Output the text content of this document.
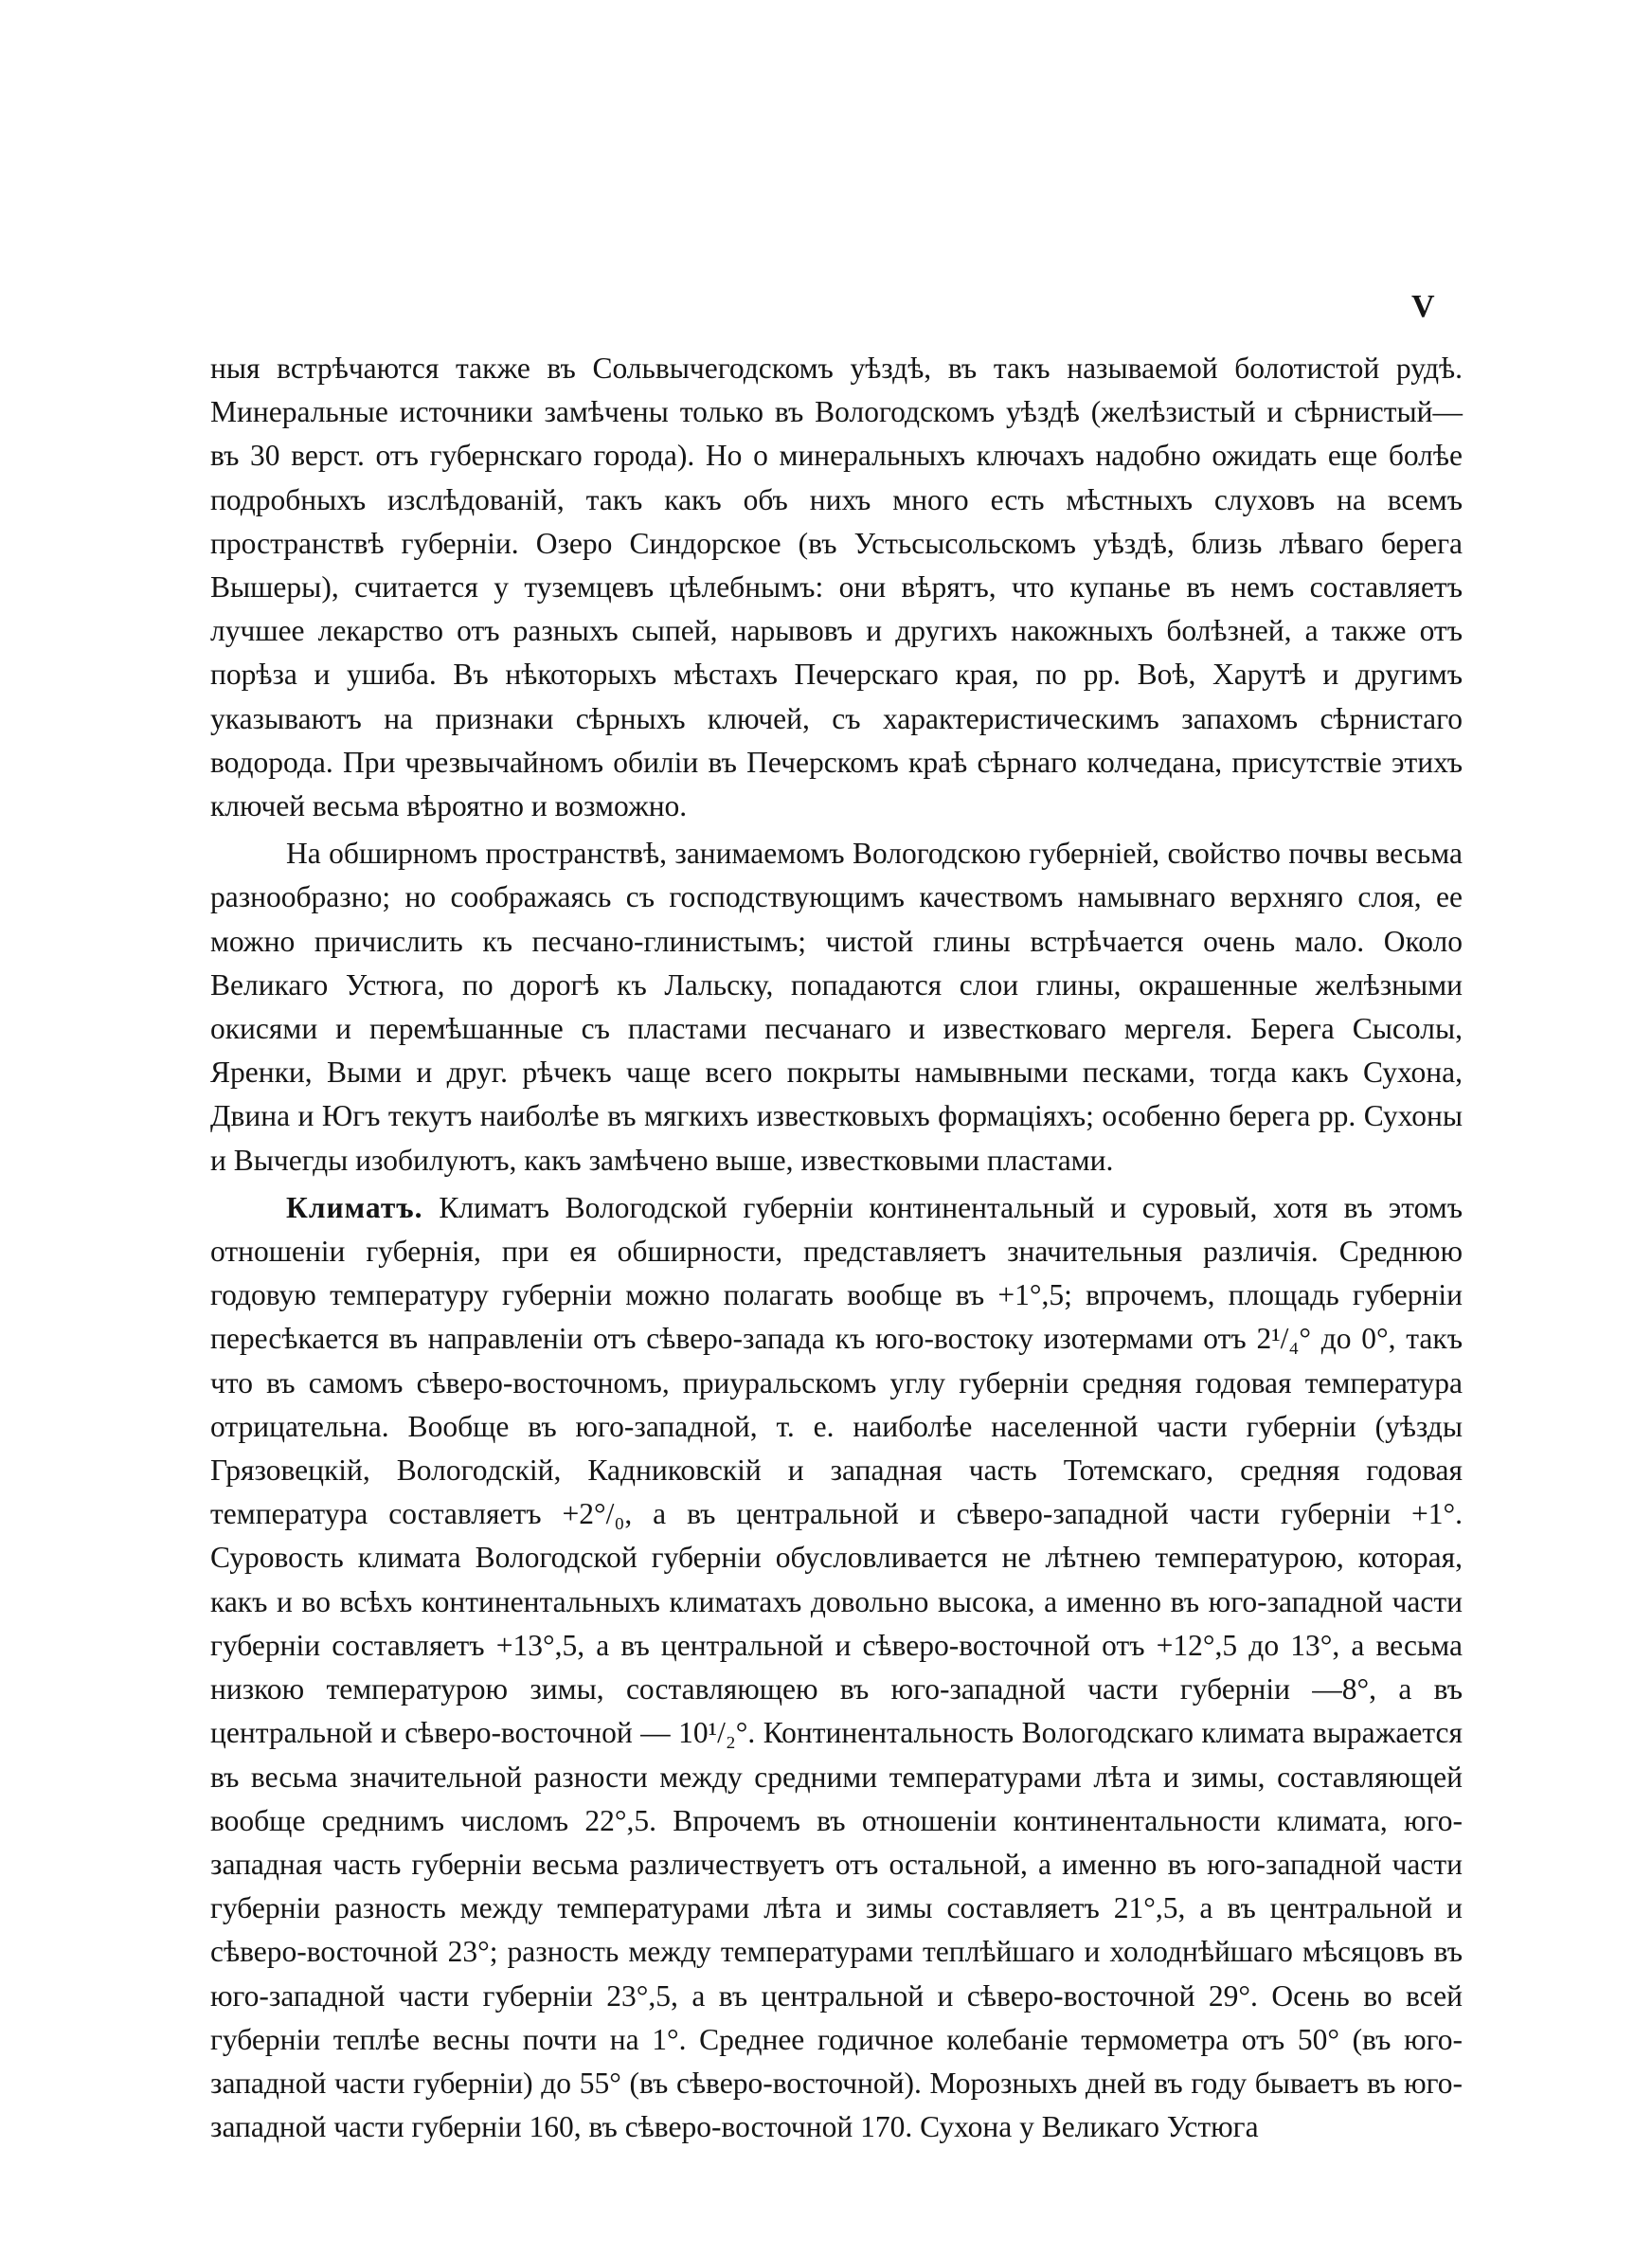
V

ныя встрѣчаются также въ Сольвычегодскомъ уѣздѣ, въ такъ называемой болотистой рудѣ. Минеральные источники замѣчены только въ Вологодскомъ уѣздѣ (желѣзистый и сѣрнистый— въ 30 верст. отъ губернскаго города). Но о минеральныхъ ключахъ надобно ожидать еще болѣе подробныхъ изслѣдованій, такъ какъ объ нихъ много есть мѣстныхъ слуховъ на всемъ пространствѣ губерніи. Озеро Синдорское (въ Устьсысольскомъ уѣздѣ, близь лѣваго берега Вышеры), считается у туземцевъ цѣлебнымъ: они вѣрятъ, что купанье въ немъ составляетъ лучшее лекарство отъ разныхъ сыпей, нарывовъ и другихъ накожныхъ болѣзней, а также отъ порѣза и ушиба. Въ нѣкоторыхъ мѣстахъ Печерскаго края, по рр. Воѣ, Харутѣ и другимъ указываютъ на признаки сѣрныхъ ключей, съ характеристическимъ запахомъ сѣрнистаго водорода. При чрезвычайномъ обиліи въ Печерскомъ краѣ сѣрнаго колчедана, присутствіе этихъ ключей весьма вѣроятно и возможно.

На обширномъ пространствѣ, занимаемомъ Вологодскою губерніей, свойство почвы весьма разнообразно; но соображаясь съ господствующимъ качествомъ намывнаго верхняго слоя, ее можно причислить къ песчано-глинистымъ; чистой глины встрѣчается очень мало. Около Великаго Устюга, по дорогѣ къ Лальску, попадаются слои глины, окрашенные желѣзными окисями и перемѣшанные съ пластами песчанаго и известковаго мергеля. Берега Сысолы, Яренки, Выми и друг. рѣчекъ чаще всего покрыты намывными песками, тогда какъ Сухона, Двина и Югъ текутъ наиболѣе въ мягкихъ известковыхъ формаціяхъ; особенно берега рр. Сухоны и Вычегды изобилуютъ, какъ замѣчено выше, известковыми пластами.

Климатъ. Климатъ Вологодской губерніи континентальный и суровый, хотя въ этомъ отношеніи губернія, при ея обширности, представляетъ значительныя различія. Среднюю годовую температуру губерніи можно полагать вообще въ +1°,5; впрочемъ, площадь губерніи пересѣкается въ направленіи отъ сѣверо-запада къ юго-востоку изотермами отъ 2¹/₄° до 0°, такъ что въ самомъ сѣверо-восточномъ, приуральскомъ углу губерніи средняя годовая температура отрицательна. Вообще въ юго-западной, т. е. наиболѣе населенной части губерніи (уѣзды Грязовецкій, Вологодскій, Кадниковскій и западная часть Тотемскаго, средняя годовая температура составляетъ +2°/₀, а въ центральной и сѣверо-западной части губерніи +1°. Суровость климата Вологодской губерніи обусловливается не лѣтнею температурою, которая, какъ и во всѣхъ континентальныхъ климатахъ довольно высока, а именно въ юго-западной части губерніи составляетъ +13°,5, а въ центральной и сѣверо-восточной отъ +12°,5 до 13°, а весьма низкою температурою зимы, составляющею въ юго-западной части губерніи —8°, а въ центральной и сѣверо-восточной — 10¹/₂°. Континентальность Вологодскаго климата выражается въ весьма значительной разности между средними температурами лѣта и зимы, составляющей вообще среднимъ числомъ 22°,5. Впрочемъ въ отношеніи континентальности климата, юго-западная часть губерніи весьма различествуетъ отъ остальной, а именно въ юго-западной части губерніи разность между температурами лѣта и зимы составляетъ 21°,5, а въ центральной и сѣверо-восточной 23°; разность между температурами теплѣйшаго и холоднѣйшаго мѣсяцовъ въ юго-западной части губерніи 23°,5, а въ центральной и сѣверо-восточной 29°. Осень во всей губерніи теплѣе весны почти на 1°. Среднее годичное колебаніе термометра отъ 50° (въ юго-западной части губерніи) до 55° (въ сѣверо-восточной). Морозныхъ дней въ году бываетъ въ юго-западной части губерніи 160, въ сѣверо-восточной 170. Сухона у Великаго Устюга
